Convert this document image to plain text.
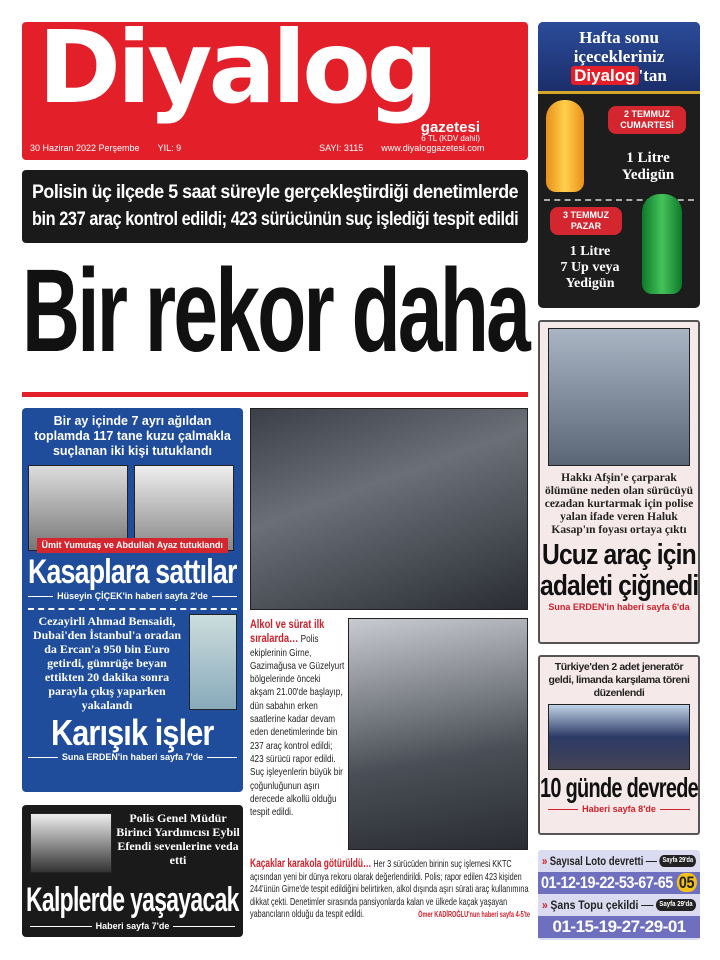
Diyalog
gazetesi
6 TL (KDV dahil)
30 Haziran 2022 Perşembe YIL: 9	SAYI: 3115 www.diyaloggazetesi.com
Polisin üç ilçede 5 saat süreyle gerçekleştirdiği denetimlerde
bin 237 araç kontrol edildi; 423 sürücünün suç işlediği tespit edildi
Bir rekor daha
Bir ay içinde 7 ayrı ağıldan toplamda 117 tane kuzu çalmakla suçlanan iki kişi tutuklandı
Ümit Yumutaş ve Abdullah Ayaz tutuklandı
Kasaplara sattılar
Hüseyin ÇİÇEK'in haberi sayfa 2'de
Cezayirli Ahmad Bensaidi, Dubai'den İstanbul'a oradan da Ercan'a 950 bin Euro getirdi, gümrüğe beyan ettikten 20 dakika sonra parayla çıkış yaparken yakalandı
Karışık işler
Suna ERDEN'in haberi sayfa 7'de
Polis Genel Müdür Birinci Yardımcısı Eybil Efendi sevenlerine veda etti
Kalplerde yaşayacak
Haberi sayfa 7'de
Alkol ve sürat ilk sıralarda… Polis ekiplerinin Girne, Gazimağusa ve Güzelyurt bölgelerinde önceki akşam 21.00'de başlayıp, dün sabahın erken saatlerine kadar devam eden denetimlerinde bin 237 araç kontrol edildi; 423 sürücü rapor edildi. Suç işleyenlerin büyük bir çoğunluğunun aşırı derecede alkollü olduğu tespit edildi.
Kaçaklar karakola götürüldü… Her 3 sürücüden birinin suç işlemesi KKTC açısından yeni bir dünya rekoru olarak değerlendirildi. Polis; rapor edilen 423 kişiden 244'ünün Girne'de tespit edildiğini belirtirken, alkol dışında aşırı sürati araç kullanımına dikkat çekti. Denetimler sırasında pansiyonlarda kalan ve ülkede kaçak yaşayan yabancıların olduğu da tespit edildi.	Ömer KADİROĞLU'nun haberi sayfa 4-5'te
Hafta sonu
içecekleriniz
Diyalog 'tan
2 TEMMUZ CUMARTESİ
1 Litre
Yedigün
3 TEMMUZ PAZAR
1 Litre
7 Up veya
Yedigün
Hakkı Afşin'e çarparak ölümüne neden olan sürücüyü cezadan kurtarmak için polise yalan ifade veren Haluk Kasap'ın foyası ortaya çıktı
Ucuz araç için
adaleti çiğnedi
Suna ERDEN'in haberi sayfa 6'da
Türkiye'den 2 adet jeneratör geldi, limanda karşılama töreni düzenlendi
10 günde devrede
Haberi sayfa 8'de
» Sayısal Loto devretti	Sayfa 29'da
01-12-19-22-53-67-65 05
» Şans Topu çekildi	Sayfa 29'da
01-15-19-27-29-01
